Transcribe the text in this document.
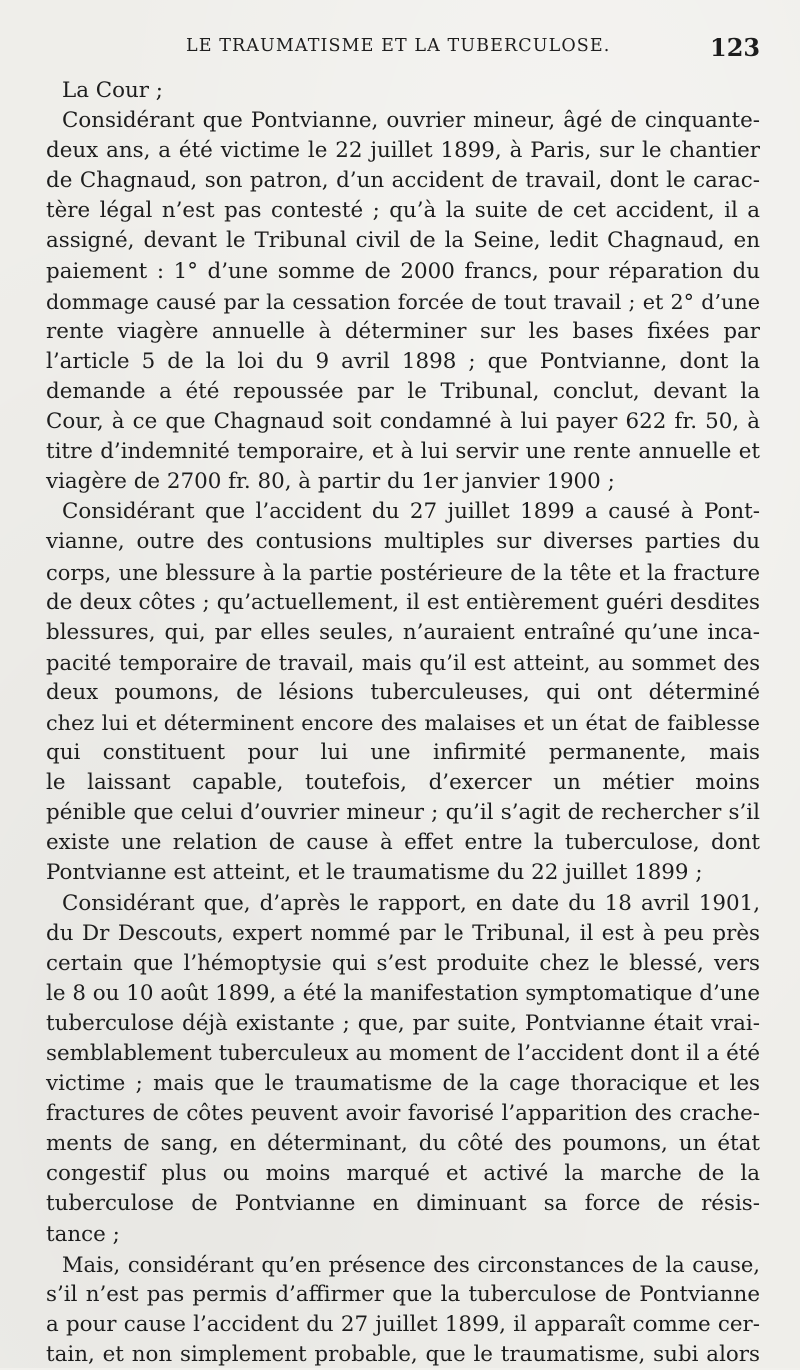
LE TRAUMATISME ET LA TUBERCULOSE.	123
La Cour ;
Considérant que Pontvianne, ouvrier mineur, âgé de cinquante-
deux ans, a été victime le 22 juillet 1899, à Paris, sur le chantier
de Chagnaud, son patron, d’un accident de travail, dont le carac-
tère légal n’est pas contesté ; qu’à la suite de cet accident, il a
assigné, devant le Tribunal civil de la Seine, ledit Chagnaud, en
paiement : 1° d’une somme de 2000 francs, pour réparation du
dommage causé par la cessation forcée de tout travail ; et 2° d’une
rente viagère annuelle à déterminer sur les bases fixées par
l’article 5 de la loi du 9 avril 1898 ; que Pontvianne, dont la
demande a été repoussée par le Tribunal, conclut, devant la
Cour, à ce que Chagnaud soit condamné à lui payer 622 fr. 50, à
titre d’indemnité temporaire, et à lui servir une rente annuelle et
viagère de 2700 fr. 80, à partir du 1er janvier 1900 ;
Considérant que l’accident du 27 juillet 1899 a causé à Pont-
vianne, outre des contusions multiples sur diverses parties du
corps, une blessure à la partie postérieure de la tête et la fracture
de deux côtes ; qu’actuellement, il est entièrement guéri desdites
blessures, qui, par elles seules, n’auraient entraîné qu’une inca-
pacité temporaire de travail, mais qu’il est atteint, au sommet des
deux poumons, de lésions tuberculeuses, qui ont déterminé
chez lui et déterminent encore des malaises et un état de faiblesse
qui constituent pour lui une infirmité permanente, mais
le laissant capable, toutefois, d’exercer un métier moins
pénible que celui d’ouvrier mineur ; qu’il s’agit de rechercher s’il
existe une relation de cause à effet entre la tuberculose, dont
Pontvianne est atteint, et le traumatisme du 22 juillet 1899 ;
Considérant que, d’après le rapport, en date du 18 avril 1901,
du Dr Descouts, expert nommé par le Tribunal, il est à peu près
certain que l’hémoptysie qui s’est produite chez le blessé, vers
le 8 ou 10 août 1899, a été la manifestation symptomatique d’une
tuberculose déjà existante ; que, par suite, Pontvianne était vrai-
semblablement tuberculeux au moment de l’accident dont il a été
victime ; mais que le traumatisme de la cage thoracique et les
fractures de côtes peuvent avoir favorisé l’apparition des crache-
ments de sang, en déterminant, du côté des poumons, un état
congestif plus ou moins marqué et activé la marche de la
tuberculose de Pontvianne en diminuant sa force de résis-
tance ;
Mais, considérant qu’en présence des circonstances de la cause,
s’il n’est pas permis d’affirmer que la tuberculose de Pontvianne
a pour cause l’accident du 27 juillet 1899, il apparaît comme cer-
tain, et non simplement probable, que le traumatisme, subi alors
